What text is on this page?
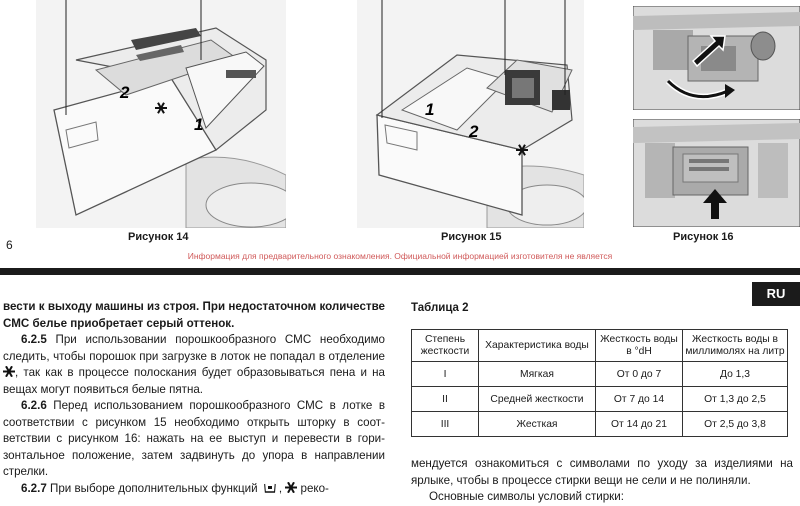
2
1
Рисунок 14
1
2
Рисунок 15	Рисунок 16
6
Информация для предварительного ознакомления. Официальной информацией изготовителя не является
RU

вести к выходу машины из строя. При недостаточном количестве СМС белье приобретает серый оттенок.

6.2.5 При использовании порошкообразного СМС необходимо следить, чтобы порошок при загрузке в лоток не попадал в отделение , так как в процессе полоскания будет образовываться пена и на вещах могут появиться белые пятна.

6.2.6 Перед использованием порошкообразного СМС в лотке в соответствии с рисунком 15 необходимо открыть шторку в соответствии с рисунком 16: нажать на ее выступ и перевести в горизонтальное положение, затем задвинуть до упора в направлении стрелки.

6.2.7 При выборе дополнительных функций ,  реко-

Таблица 2
Степень жесткости	Характеристика воды	Жесткость воды в °dH	Жесткость воды в миллимолях на литр
I	Мягкая	От 0 до 7	До 1,3
II	Средней жесткости	От 7 до 14	От 1,3 до 2,5
III	Жесткая	От 14 до 21	От 2,5 до 3,8

мендуется ознакомиться с символами по уходу за изделиями на ярлыке, чтобы в процессе стирки вещи не сели и не полиняли.

Основные символы условий стирки:
